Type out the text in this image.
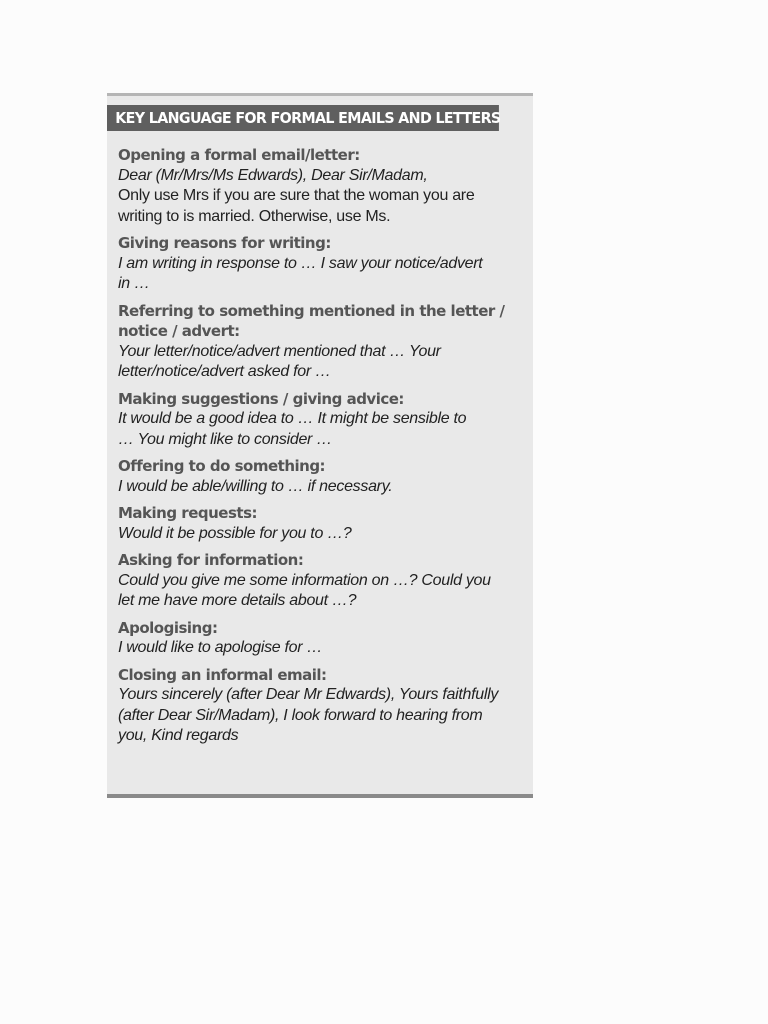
KEY LANGUAGE FOR FORMAL EMAILS AND LETTERS
Opening a formal email/letter:
Dear (Mr/Mrs/Ms Edwards), Dear Sir/Madam,
Only use Mrs if you are sure that the woman you are
writing to is married. Otherwise, use Ms.
Giving reasons for writing:
I am writing in response to … I saw your notice/advert
in …
Referring to something mentioned in the letter /
notice / advert:
Your letter/notice/advert mentioned that … Your
letter/notice/advert asked for …
Making suggestions / giving advice:
It would be a good idea to … It might be sensible to
… You might like to consider …
Offering to do something:
I would be able/willing to … if necessary.
Making requests:
Would it be possible for you to …?
Asking for information:
Could you give me some information on …? Could you
let me have more details about …?
Apologising:
I would like to apologise for …
Closing an informal email:
Yours sincerely (after Dear Mr Edwards), Yours faithfully
(after Dear Sir/Madam), I look forward to hearing from
you, Kind regards
